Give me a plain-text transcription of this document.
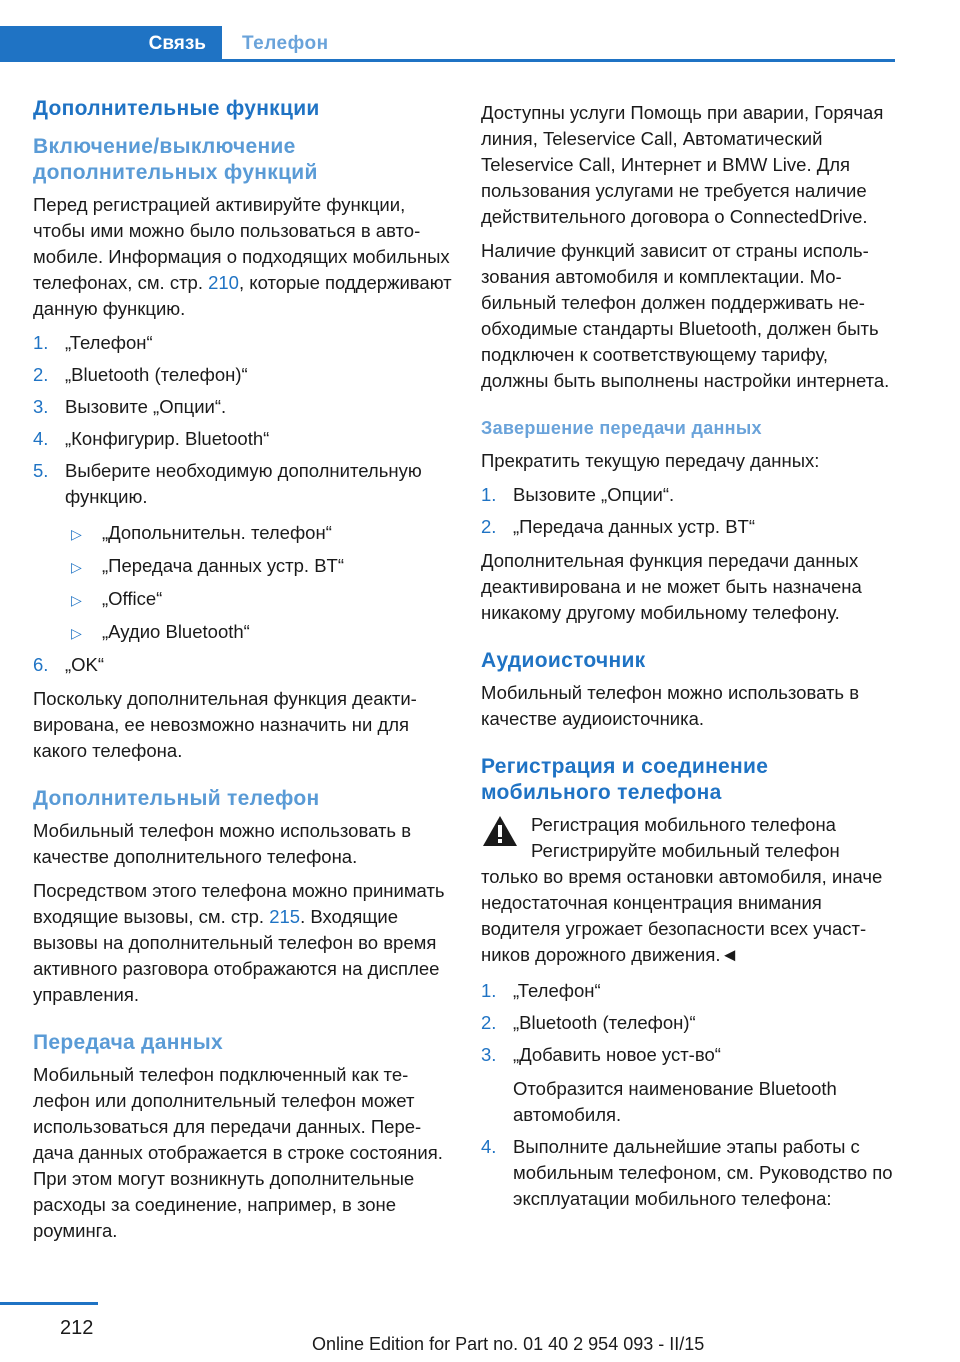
Связь	Телефон
Дополнительные функции
Включение/выключение дополнительных функций

Перед регистрацией активируйте функции, чтобы ими можно было пользоваться в автомобиле. Информация о подходящих мобильных телефонах, см. стр. 210, которые поддерживают данную функцию.

1. „Телефон“
2. „Bluetooth (телефон)“
3. Вызовите „Опции“.
4. „Конфигурир. Bluetooth“
5. Выберите необходимую дополнительную функцию.
▷ „Допольнительн. телефон“
▷ „Передача данных устр. BT“
▷ „Office“
▷ „Аудио Bluetooth“
6. „OK“

Поскольку дополнительная функция деактивирована, ее невозможно назначить ни для какого телефона.

Дополнительный телефон

Мобильный телефон можно использовать в качестве дополнительного телефона.

Посредством этого телефона можно принимать входящие вызовы, см. стр. 215. Входящие вызовы на дополнительный телефон во время активного разговора отображаются на дисплее управления.

Передача данных

Мобильный телефон подключенный как телефон или дополнительный телефон может использоваться для передачи данных. Передача данных отображается в строке состояния. При этом могут возникнуть дополнительные расходы за соединение, например, в зоне роуминга.

Доступны услуги Помощь при аварии, Горячая линия, Teleservice Call, Автоматический Teleservice Call, Интернет и BMW Live. Для пользования услугами не требуется наличие действительного договора о ConnectedDrive.

Наличие функций зависит от страны использования автомобиля и комплектации. Мобильный телефон должен поддерживать необходимые стандарты Bluetooth, должен быть подключен к соответствующему тарифу, должны быть выполнены настройки интернета.

Завершение передачи данных

Прекратить текущую передачу данных:

1. Вызовите „Опции“.
2. „Передача данных устр. BT“

Дополнительная функция передачи данных деактивирована и не может быть назначена никакому другому мобильному телефону.

Аудиоисточник

Мобильный телефон можно использовать в качестве аудиоисточника.

Регистрация и соединение мобильного телефона

Регистрация мобильного телефона

Регистрируйте мобильный телефон только во время остановки автомобиля, иначе недостаточная концентрация внимания водителя угрожает безопасности всех участников дорожного движения.◄

1. „Телефон“
2. „Bluetooth (телефон)“
3. „Добавить новое уст-во“
Отобразится наименование Bluetooth автомобиля.
4. Выполните дальнейшие этапы работы с мобильным телефоном, см. Руководство по эксплуатации мобильного телефона:
212
Online Edition for Part no. 01 40 2 954 093 - II/15
